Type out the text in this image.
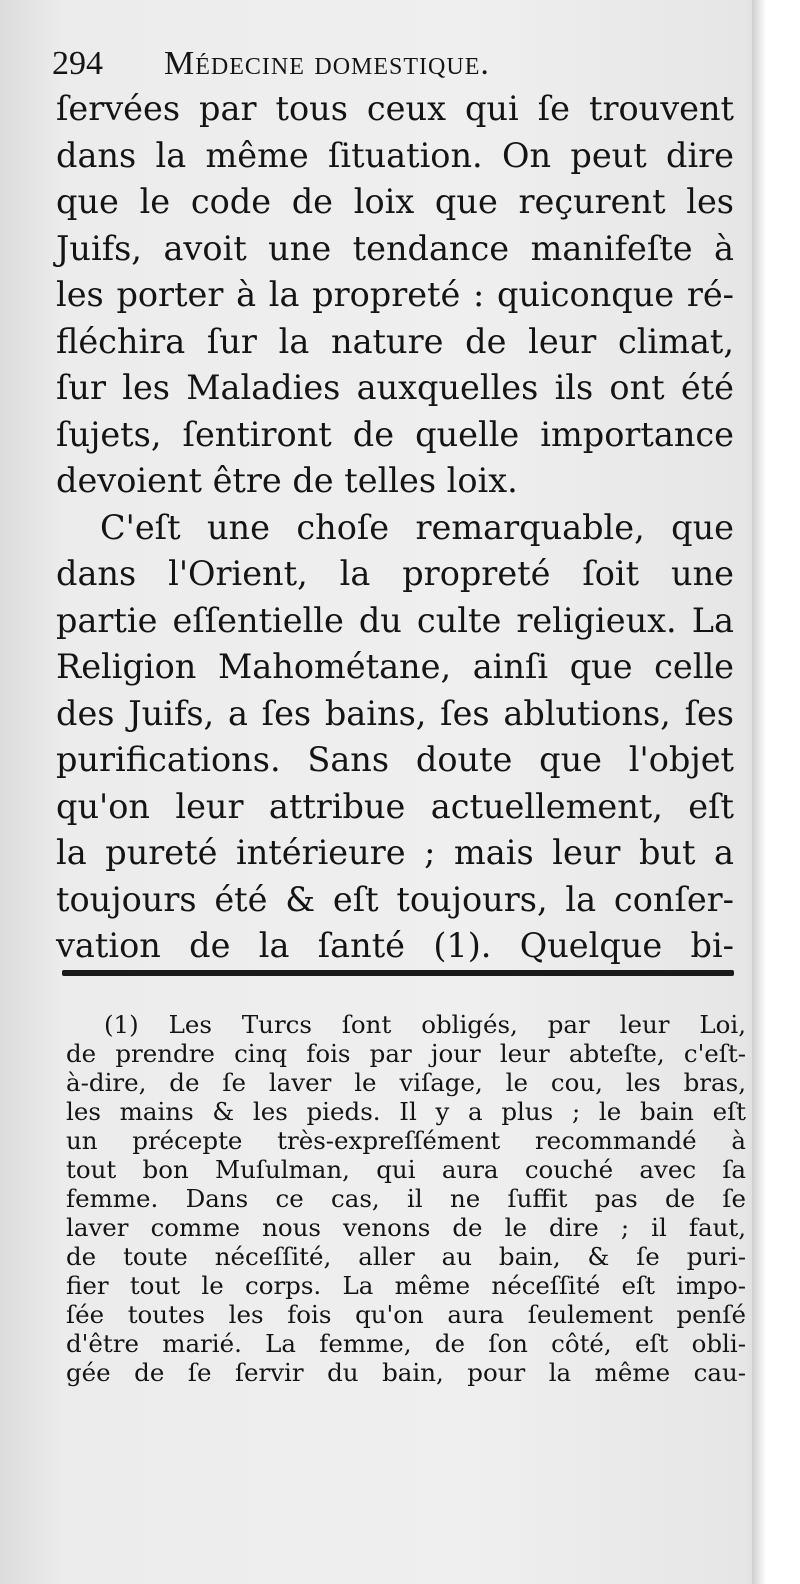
294 Médecine domestique.
ſervées par tous ceux qui ſe trouvent
dans la même ſituation. On peut dire
que le code de loix que reçurent les
Juifs, avoit une tendance manifeſte à
les porter à la propreté : quiconque ré-
fléchira ſur la nature de leur climat,
ſur les Maladies auxquelles ils ont été
ſujets, ſentiront de quelle importance
devoient être de telles loix.
C'eſt une choſe remarquable, que
dans l'Orient, la propreté ſoit une
partie eſſentielle du culte religieux. La
Religion Mahométane, ainſi que celle
des Juifs, a ſes bains, ſes ablutions, ſes
purifications. Sans doute que l'objet
qu'on leur attribue actuellement, eſt
la pureté intérieure ; mais leur but a
toujours été & eſt toujours, la conſer-
vation de la ſanté (1). Quelque bi-
(1) Les Turcs ſont obligés, par leur Loi,
de prendre cinq fois par jour leur abteſte, c'eſt-
à-dire, de ſe laver le viſage, le cou, les bras,
les mains & les pieds. Il y a plus ; le bain eſt
un précepte très-expreſſément recommandé à
tout bon Muſulman, qui aura couché avec ſa
femme. Dans ce cas, il ne ſuffit pas de ſe
laver comme nous venons de le dire ; il faut,
de toute néceſſité, aller au bain, & ſe puri-
fier tout le corps. La même néceſſité eſt impo-
ſée toutes les fois qu'on aura ſeulement penſé
d'être marié. La femme, de ſon côté, eſt obli-
gée de ſe ſervir du bain, pour la même cau-
